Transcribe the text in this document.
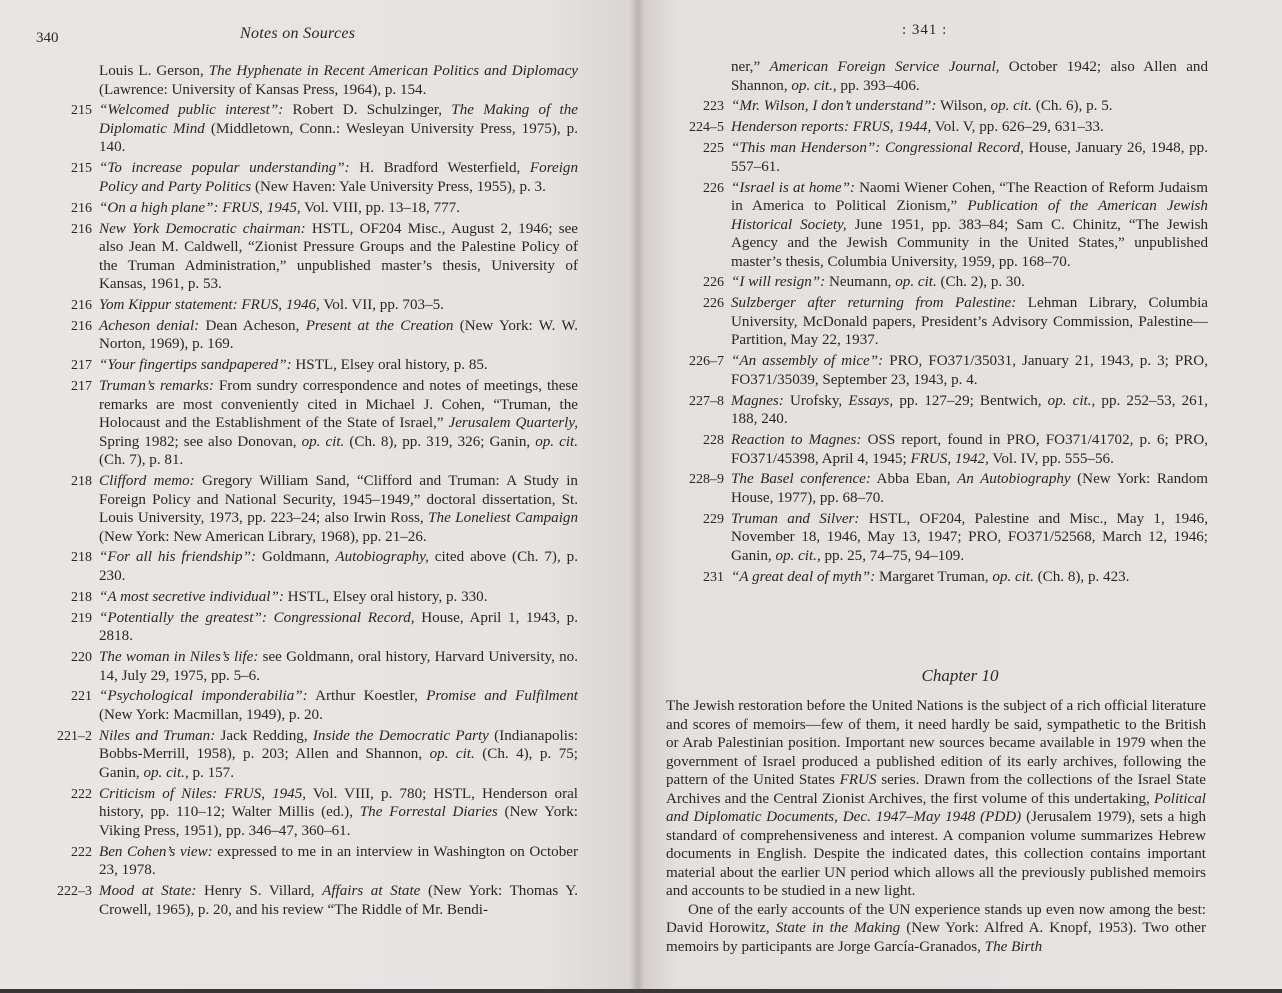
340	Notes on Sources

Louis L. Gerson, The Hyphenate in Recent American Politics and Diplomacy (Lawrence: University of Kansas Press, 1964), p. 154.

215 “Welcomed public interest”: Robert D. Schulzinger, The Making of the Diplomatic Mind (Middletown, Conn.: Wesleyan University Press, 1975), p. 140.

215 “To increase popular understanding”: H. Bradford Westerfield, Foreign Policy and Party Politics (New Haven: Yale University Press, 1955), p. 3.

216 “On a high plane”: FRUS, 1945, Vol. VIII, pp. 13–18, 777.

216 New York Democratic chairman: HSTL, OF204 Misc., August 2, 1946; see also Jean M. Caldwell, “Zionist Pressure Groups and the Palestine Policy of the Truman Administration,” unpublished master’s thesis, University of Kansas, 1961, p. 53.

216 Yom Kippur statement: FRUS, 1946, Vol. VII, pp. 703–5.

216 Acheson denial: Dean Acheson, Present at the Creation (New York: W. W. Norton, 1969), p. 169.

217 “Your fingertips sandpapered”: HSTL, Elsey oral history, p. 85.

217 Truman’s remarks: From sundry correspondence and notes of meetings, these remarks are most conveniently cited in Michael J. Cohen, “Truman, the Holocaust and the Establishment of the State of Israel,” Jerusalem Quarterly, Spring 1982; see also Donovan, op. cit. (Ch. 8), pp. 319, 326; Ganin, op. cit. (Ch. 7), p. 81.

218 Clifford memo: Gregory William Sand, “Clifford and Truman: A Study in Foreign Policy and National Security, 1945–1949,” doctoral dissertation, St. Louis University, 1973, pp. 223–24; also Irwin Ross, The Loneliest Campaign (New York: New American Library, 1968), pp. 21–26.

218 “For all his friendship”: Goldmann, Autobiography, cited above (Ch. 7), p. 230.

218 “A most secretive individual”: HSTL, Elsey oral history, p. 330.

219 “Potentially the greatest”: Congressional Record, House, April 1, 1943, p. 2818.

220 The woman in Niles’s life: see Goldmann, oral history, Harvard University, no. 14, July 29, 1975, pp. 5–6.

221 “Psychological imponderabilia”: Arthur Koestler, Promise and Fulfilment (New York: Macmillan, 1949), p. 20.

221–2 Niles and Truman: Jack Redding, Inside the Democratic Party (Indianapolis: Bobbs-Merrill, 1958), p. 203; Allen and Shannon, op. cit. (Ch. 4), p. 75; Ganin, op. cit., p. 157.

222 Criticism of Niles: FRUS, 1945, Vol. VIII, p. 780; HSTL, Henderson oral history, pp. 110–12; Walter Millis (ed.), The Forrestal Diaries (New York: Viking Press, 1951), pp. 346–47, 360–61.

222 Ben Cohen’s view: expressed to me in an interview in Washington on October 23, 1978.

222–3 Mood at State: Henry S. Villard, Affairs at State (New York: Thomas Y. Crowell, 1965), p. 20, and his review “The Riddle of Mr. Bendi-

: 341 :

ner,” American Foreign Service Journal, October 1942; also Allen and Shannon, op. cit., pp. 393–406.

223 “Mr. Wilson, I don’t understand”: Wilson, op. cit. (Ch. 6), p. 5.

224–5 Henderson reports: FRUS, 1944, Vol. V, pp. 626–29, 631–33.

225 “This man Henderson”: Congressional Record, House, January 26, 1948, pp. 557–61.

226 “Israel is at home”: Naomi Wiener Cohen, “The Reaction of Reform Judaism in America to Political Zionism,” Publication of the American Jewish Historical Society, June 1951, pp. 383–84; Sam C. Chinitz, “The Jewish Agency and the Jewish Community in the United States,” unpublished master’s thesis, Columbia University, 1959, pp. 168–70.

226 “I will resign”: Neumann, op. cit. (Ch. 2), p. 30.

226 Sulzberger after returning from Palestine: Lehman Library, Columbia University, McDonald papers, President’s Advisory Commission, Palestine—Partition, May 22, 1937.

226–7 “An assembly of mice”: PRO, FO371/35031, January 21, 1943, p. 3; PRO, FO371/35039, September 23, 1943, p. 4.

227–8 Magnes: Urofsky, Essays, pp. 127–29; Bentwich, op. cit., pp. 252–53, 261, 188, 240.

228 Reaction to Magnes: OSS report, found in PRO, FO371/41702, p. 6; PRO, FO371/45398, April 4, 1945; FRUS, 1942, Vol. IV, pp. 555–56.

228–9 The Basel conference: Abba Eban, An Autobiography (New York: Random House, 1977), pp. 68–70.

229 Truman and Silver: HSTL, OF204, Palestine and Misc., May 1, 1946, November 18, 1946, May 13, 1947; PRO, FO371/52568, March 12, 1946; Ganin, op. cit., pp. 25, 74–75, 94–109.

231 “A great deal of myth”: Margaret Truman, op. cit. (Ch. 8), p. 423.

Chapter 10

The Jewish restoration before the United Nations is the subject of a rich official literature and scores of memoirs—few of them, it need hardly be said, sympathetic to the British or Arab Palestinian position. Important new sources became available in 1979 when the government of Israel produced a published edition of its early archives, following the pattern of the United States FRUS series. Drawn from the collections of the Israel State Archives and the Central Zionist Archives, the first volume of this undertaking, Political and Diplomatic Documents, Dec. 1947–May 1948 (PDD) (Jerusalem 1979), sets a high standard of comprehensiveness and interest. A companion volume summarizes Hebrew documents in English. Despite the indicated dates, this collection contains important material about the earlier UN period which allows all the previously published memoirs and accounts to be studied in a new light.

One of the early accounts of the UN experience stands up even now among the best: David Horowitz, State in the Making (New York: Alfred A. Knopf, 1953). Two other memoirs by participants are Jorge García-Granados, The Birth
